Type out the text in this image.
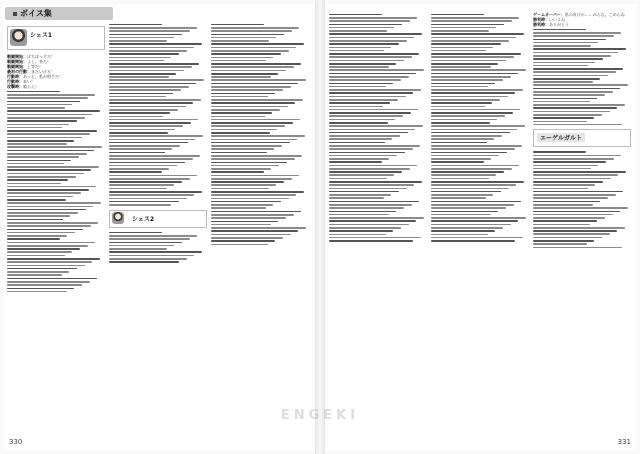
ボイス集
シェス1
戦闘開始：ぼちぼっそだ！
戦闘開始：よし、来た！
戦闘開始：上等だ！
最初の行動：まだいける！
行動時：あっと、私が相手だ！
行動時：来い！
攻撃時：喰らえ！
シェス2
330
ゲームオーバー：私の負けか……みんな、ごめんね
勝利時：いいよね
勝利時：ありがとう
エーゲルガルト
331
ENGEKI
